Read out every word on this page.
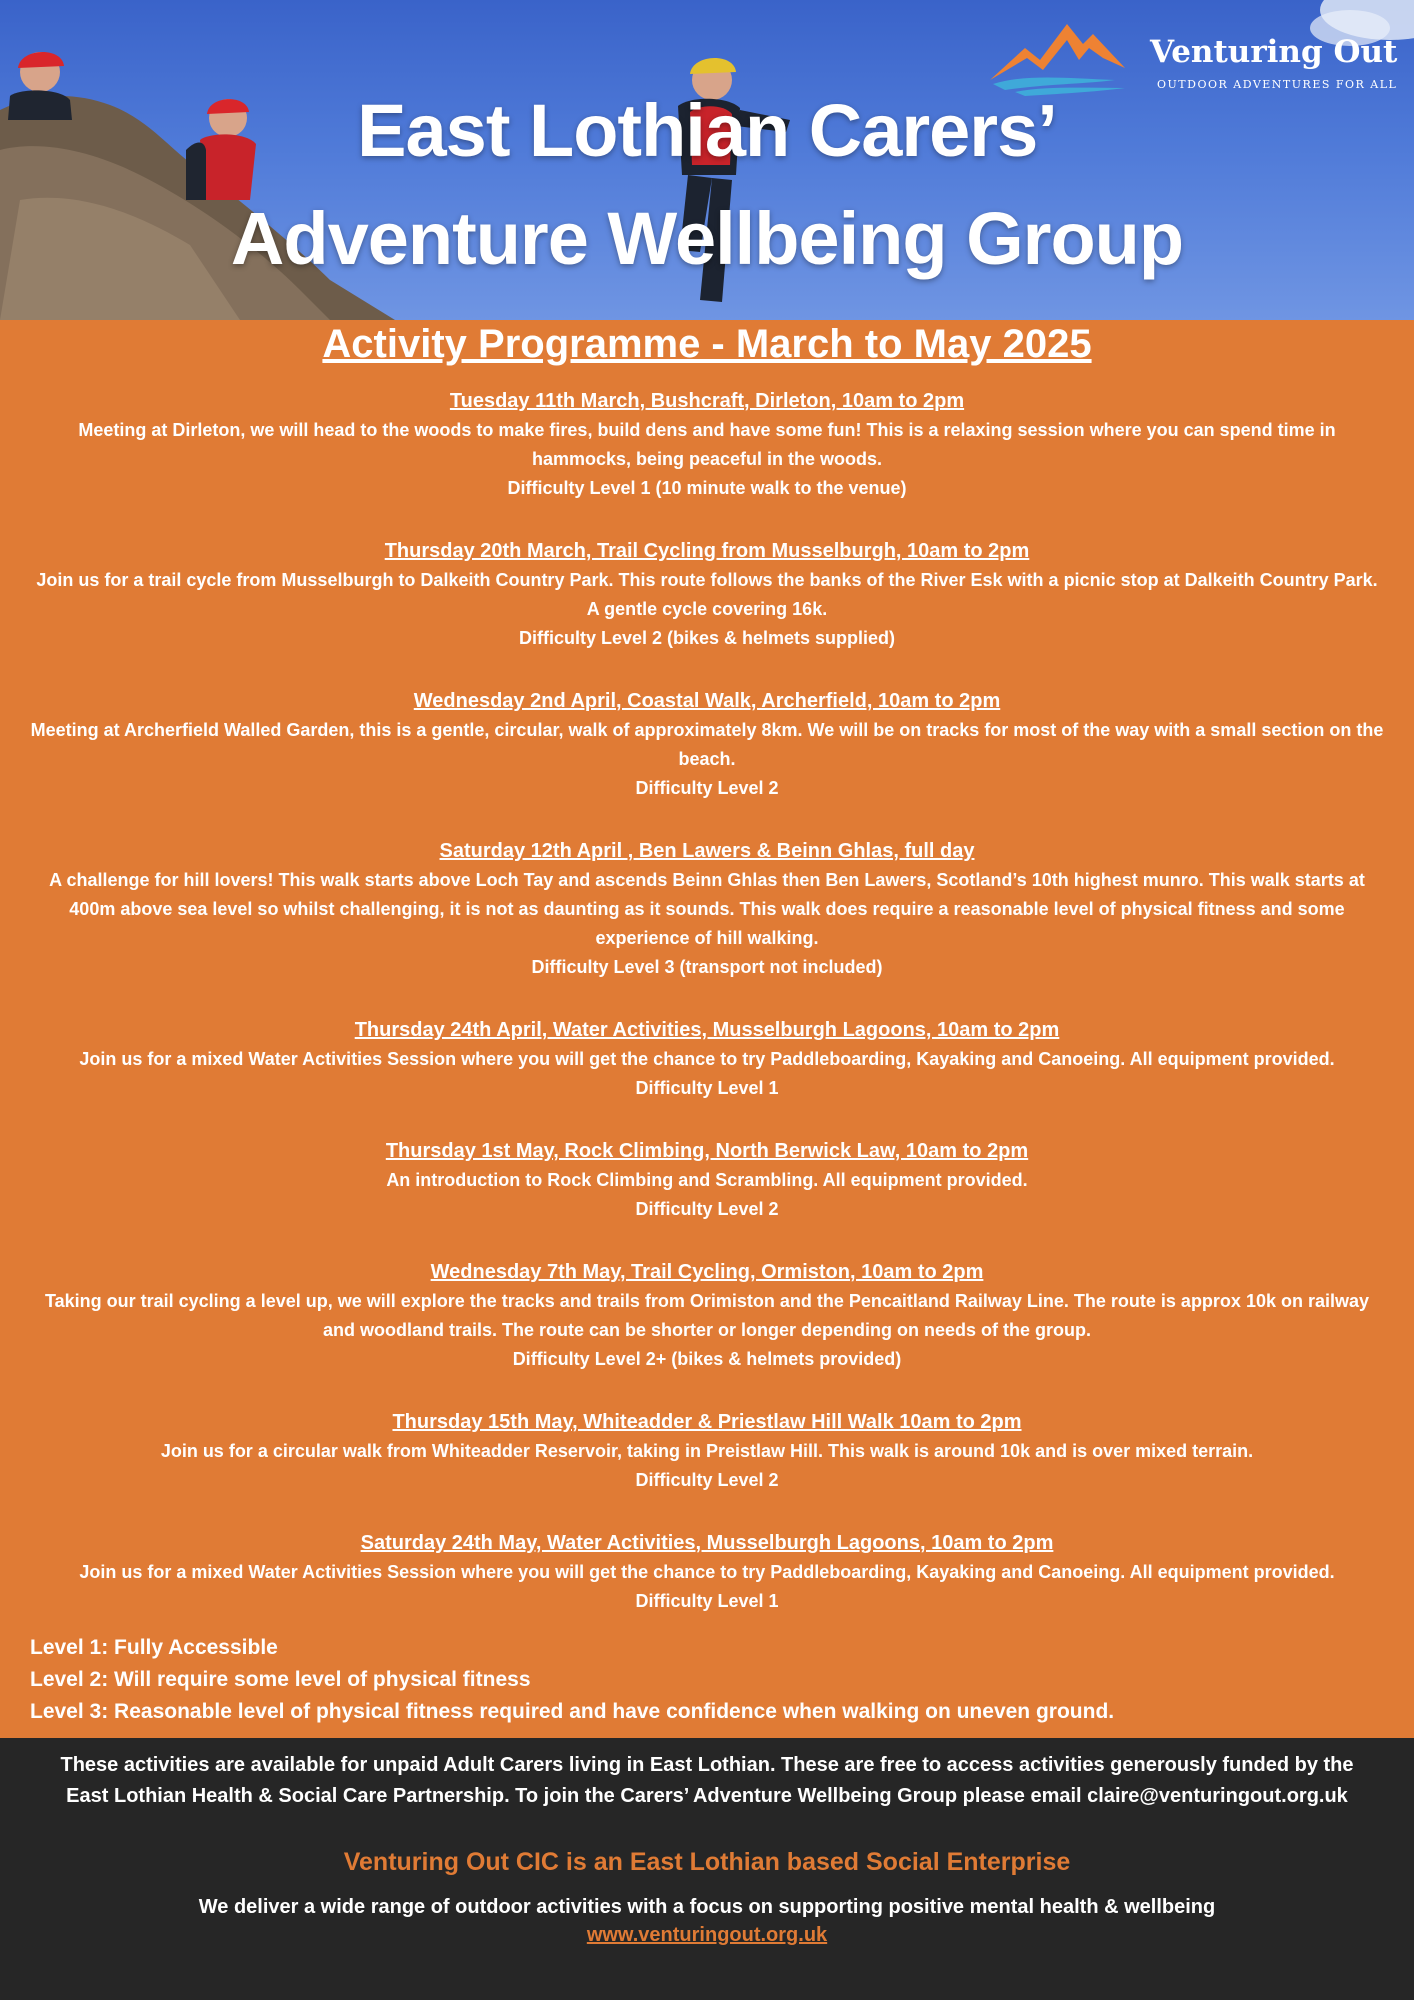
Venturing Out
OUTDOOR ADVENTURES FOR ALL
East Lothian Carers’
Adventure Wellbeing Group
Activity Programme - March to May 2025
Tuesday 11th March, Bushcraft, Dirleton, 10am to 2pm
Meeting at Dirleton, we will head to the woods to make fires, build dens and have some fun! This is a relaxing session where you can spend time in hammocks, being peaceful in the woods.
Difficulty Level 1 (10 minute walk to the venue)
Thursday 20th March, Trail Cycling from Musselburgh, 10am to 2pm
Join us for a trail cycle from Musselburgh to Dalkeith Country Park. This route follows the banks of the River Esk with a picnic stop at Dalkeith Country Park. A gentle cycle covering 16k.
Difficulty Level 2 (bikes & helmets supplied)
Wednesday 2nd April, Coastal Walk, Archerfield, 10am to 2pm
Meeting at Archerfield Walled Garden, this is a gentle, circular, walk of approximately 8km. We will be on tracks for most of the way with a small section on the beach.
Difficulty Level 2
Saturday 12th April , Ben Lawers & Beinn Ghlas, full day
A challenge for hill lovers! This walk starts above Loch Tay and ascends Beinn Ghlas then Ben Lawers, Scotland’s 10th highest munro. This walk starts at 400m above sea level so whilst challenging, it is not as daunting as it sounds. This walk does require a reasonable level of physical fitness and some experience of hill walking.
Difficulty Level 3 (transport not included)
Thursday 24th April, Water Activities, Musselburgh Lagoons, 10am to 2pm
Join us for a mixed Water Activities Session where you will get the chance to try Paddleboarding, Kayaking and Canoeing. All equipment provided.
Difficulty Level 1
Thursday 1st May, Rock Climbing, North Berwick Law, 10am to 2pm
An introduction to Rock Climbing and Scrambling. All equipment provided.
Difficulty Level 2
Wednesday 7th May, Trail Cycling, Ormiston, 10am to 2pm
Taking our trail cycling a level up, we will explore the tracks and trails from Orimiston and the Pencaitland Railway Line. The route is approx 10k on railway and woodland trails. The route can be shorter or longer depending on needs of the group.
Difficulty Level 2+ (bikes & helmets provided)
Thursday 15th May, Whiteadder & Priestlaw Hill Walk 10am to 2pm
Join us for a circular walk from Whiteadder Reservoir, taking in Preistlaw Hill. This walk is around 10k and is over mixed terrain.
Difficulty Level 2
Saturday 24th May, Water Activities, Musselburgh Lagoons, 10am to 2pm
Join us for a mixed Water Activities Session where you will get the chance to try Paddleboarding, Kayaking and Canoeing. All equipment provided.
Difficulty Level 1
Level 1: Fully Accessible
Level 2: Will require some level of physical fitness
Level 3: Reasonable level of physical fitness required and have confidence when walking on uneven ground.
These activities are available for unpaid Adult Carers living in East Lothian. These are free to access activities generously funded by the East Lothian Health & Social Care Partnership. To join the Carers’ Adventure Wellbeing Group please email claire@venturingout.org.uk
Venturing Out CIC is an East Lothian based Social Enterprise
We deliver a wide range of outdoor activities with a focus on supporting positive mental health & wellbeing
www.venturingout.org.uk
